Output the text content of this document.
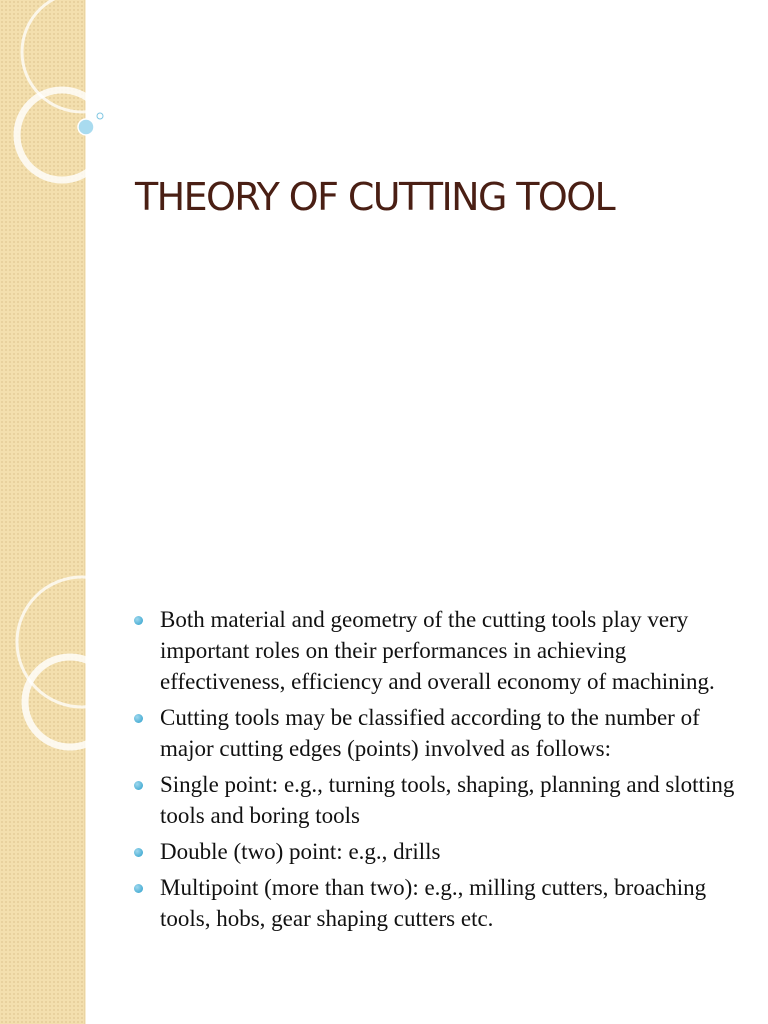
THEORY OF CUTTING TOOL
Both material and geometry of the cutting tools play very important roles on their performances in achieving effectiveness, efficiency and overall economy of machining.
Cutting tools may be classified according to the number of major cutting edges (points) involved as follows:
Single point: e.g., turning tools, shaping, planning and slotting tools and boring tools
Double (two) point: e.g., drills
Multipoint (more than two): e.g., milling cutters, broaching tools, hobs, gear shaping cutters etc.
